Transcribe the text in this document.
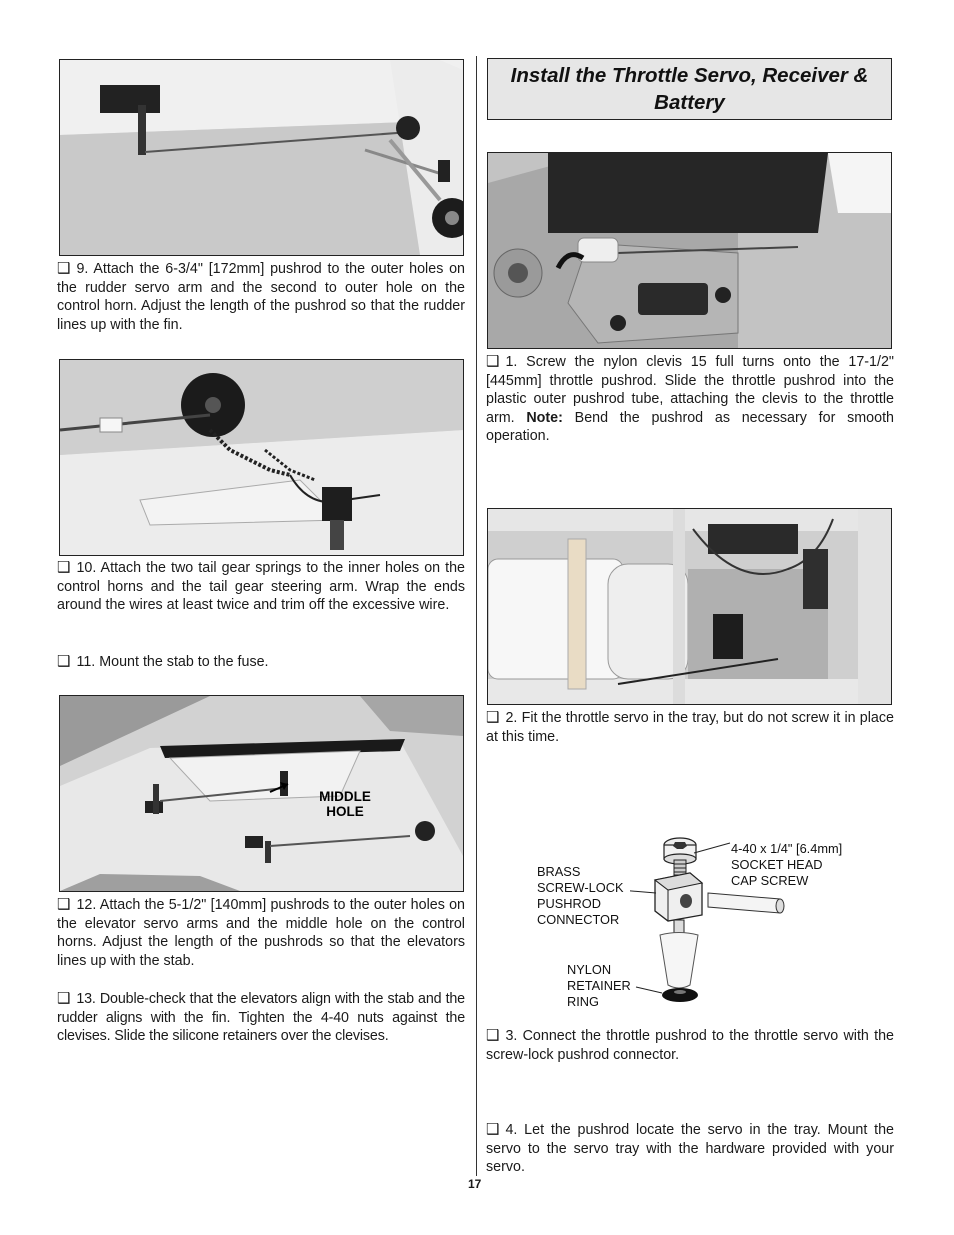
❑ 9. Attach the 6-3/4" [172mm] pushrod to the outer holes on the rudder servo arm and the second to outer hole on the control horn. Adjust the length of the pushrod so that the rudder lines up with the fin.

❑ 10. Attach the two tail gear springs to the inner holes on the control horns and the tail gear steering arm. Wrap the ends around the wires at least twice and trim off the excessive wire.

❑ 11. Mount the stab to the fuse.

MIDDLE
HOLE

❑ 12. Attach the 5-1/2" [140mm] pushrods to the outer holes on the elevator servo arms and the middle hole on the control horns. Adjust the length of the pushrods so that the elevators lines up with the stab.

❑ 13. Double-check that the elevators align with the stab and the rudder aligns with the fin. Tighten the 4-40 nuts against the clevises. Slide the silicone retainers over the clevises.

Install the Throttle Servo, Receiver & Battery

❑ 1. Screw the nylon clevis 15 full turns onto the 17-1/2" [445mm] throttle pushrod. Slide the throttle pushrod into the plastic outer pushrod tube, attaching the clevis to the throttle arm. Note: Bend the pushrod as necessary for smooth operation.

❑ 2. Fit the throttle servo in the tray, but do not screw it in place at this time.

4-40 x 1/4" [6.4mm]
SOCKET HEAD
CAP SCREW
BRASS
SCREW-LOCK
PUSHROD
CONNECTOR
NYLON
RETAINER
RING

❑ 3. Connect the throttle pushrod to the throttle servo with the screw-lock pushrod connector.

❑ 4. Let the pushrod locate the servo in the tray. Mount the servo to the servo tray with the hardware provided with your servo.

17
